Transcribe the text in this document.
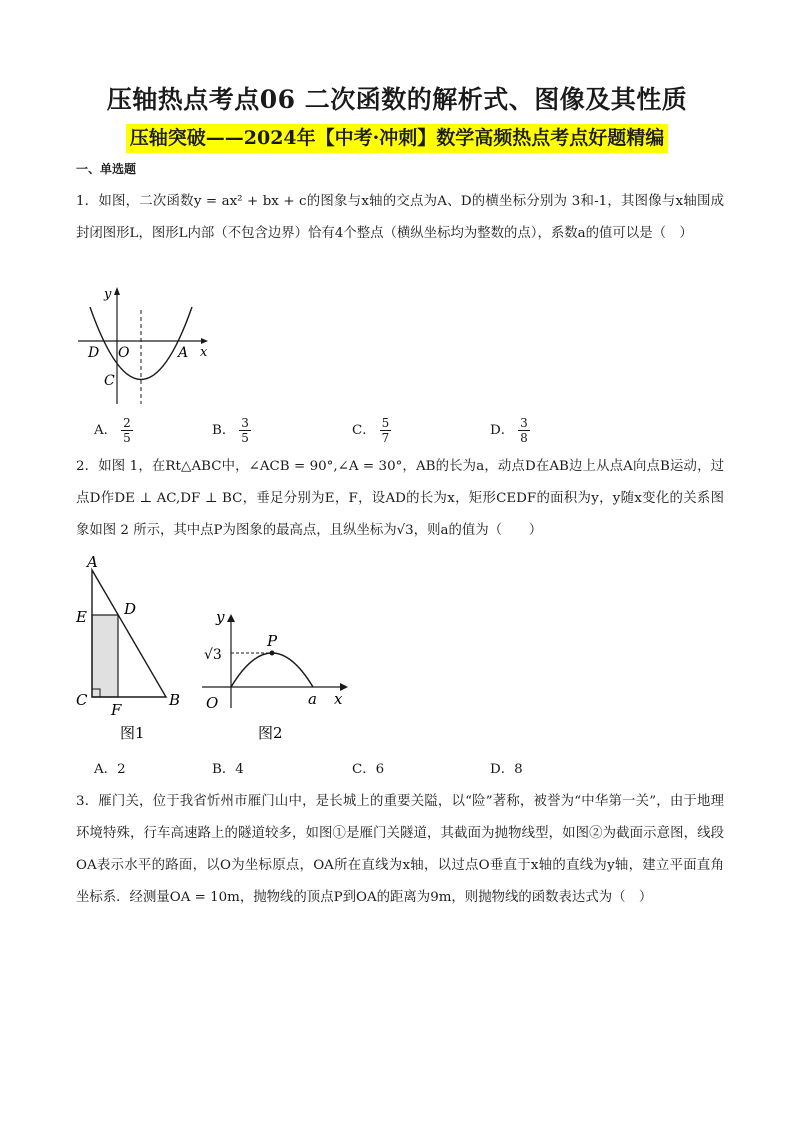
压轴热点考点06 二次函数的解析式、图像及其性质
压轴突破——2024年【中考·冲刺】数学高频热点考点好题精编
一、单选题
1．如图，二次函数y = ax² + bx + c的图象与x轴的交点为A、D的横坐标分别为 3和-1，其图像与x轴围成封闭图形L，图形L内部（不包含边界）恰有4个整点（横纵坐标均为整数的点），系数a的值可以是（　）
y
x
D O	A
C
A． $\frac{2}{5}$	B． $\frac{3}{5}$	C． $\frac{5}{7}$	D． $\frac{3}{8}$
2．如图 1，在Rt△ABC中，∠ACB = 90°,∠A = 30°，AB的长为a，动点D在AB边上从点A向点B运动，过点D作DE ⊥ AC,DF ⊥ BC，垂足分别为E，F，设AD的长为x，矩形CEDF的面积为y，y随x变化的关系图象如图 2 所示，其中点P为图象的最高点，且纵坐标为√3，则a的值为（　　）
A
E D
C
F
B
图1
y
P
√3
O	a x
图2
A．2	B．4	C．6	D．8
3．雁门关，位于我省忻州市雁门山中，是长城上的重要关隘，以“险”著称，被誉为“中华第一关”，由于地理环境特殊，行车高速路上的隧道较多，如图①是雁门关隧道，其截面为抛物线型，如图②为截面示意图，线段OA表示水平的路面，以O为坐标原点，OA所在直线为x轴，以过点O垂直于x轴的直线为y轴，建立平面直角坐标系．经测量OA = 10m，抛物线的顶点P到OA的距离为9m，则抛物线的函数表达式为（　）
